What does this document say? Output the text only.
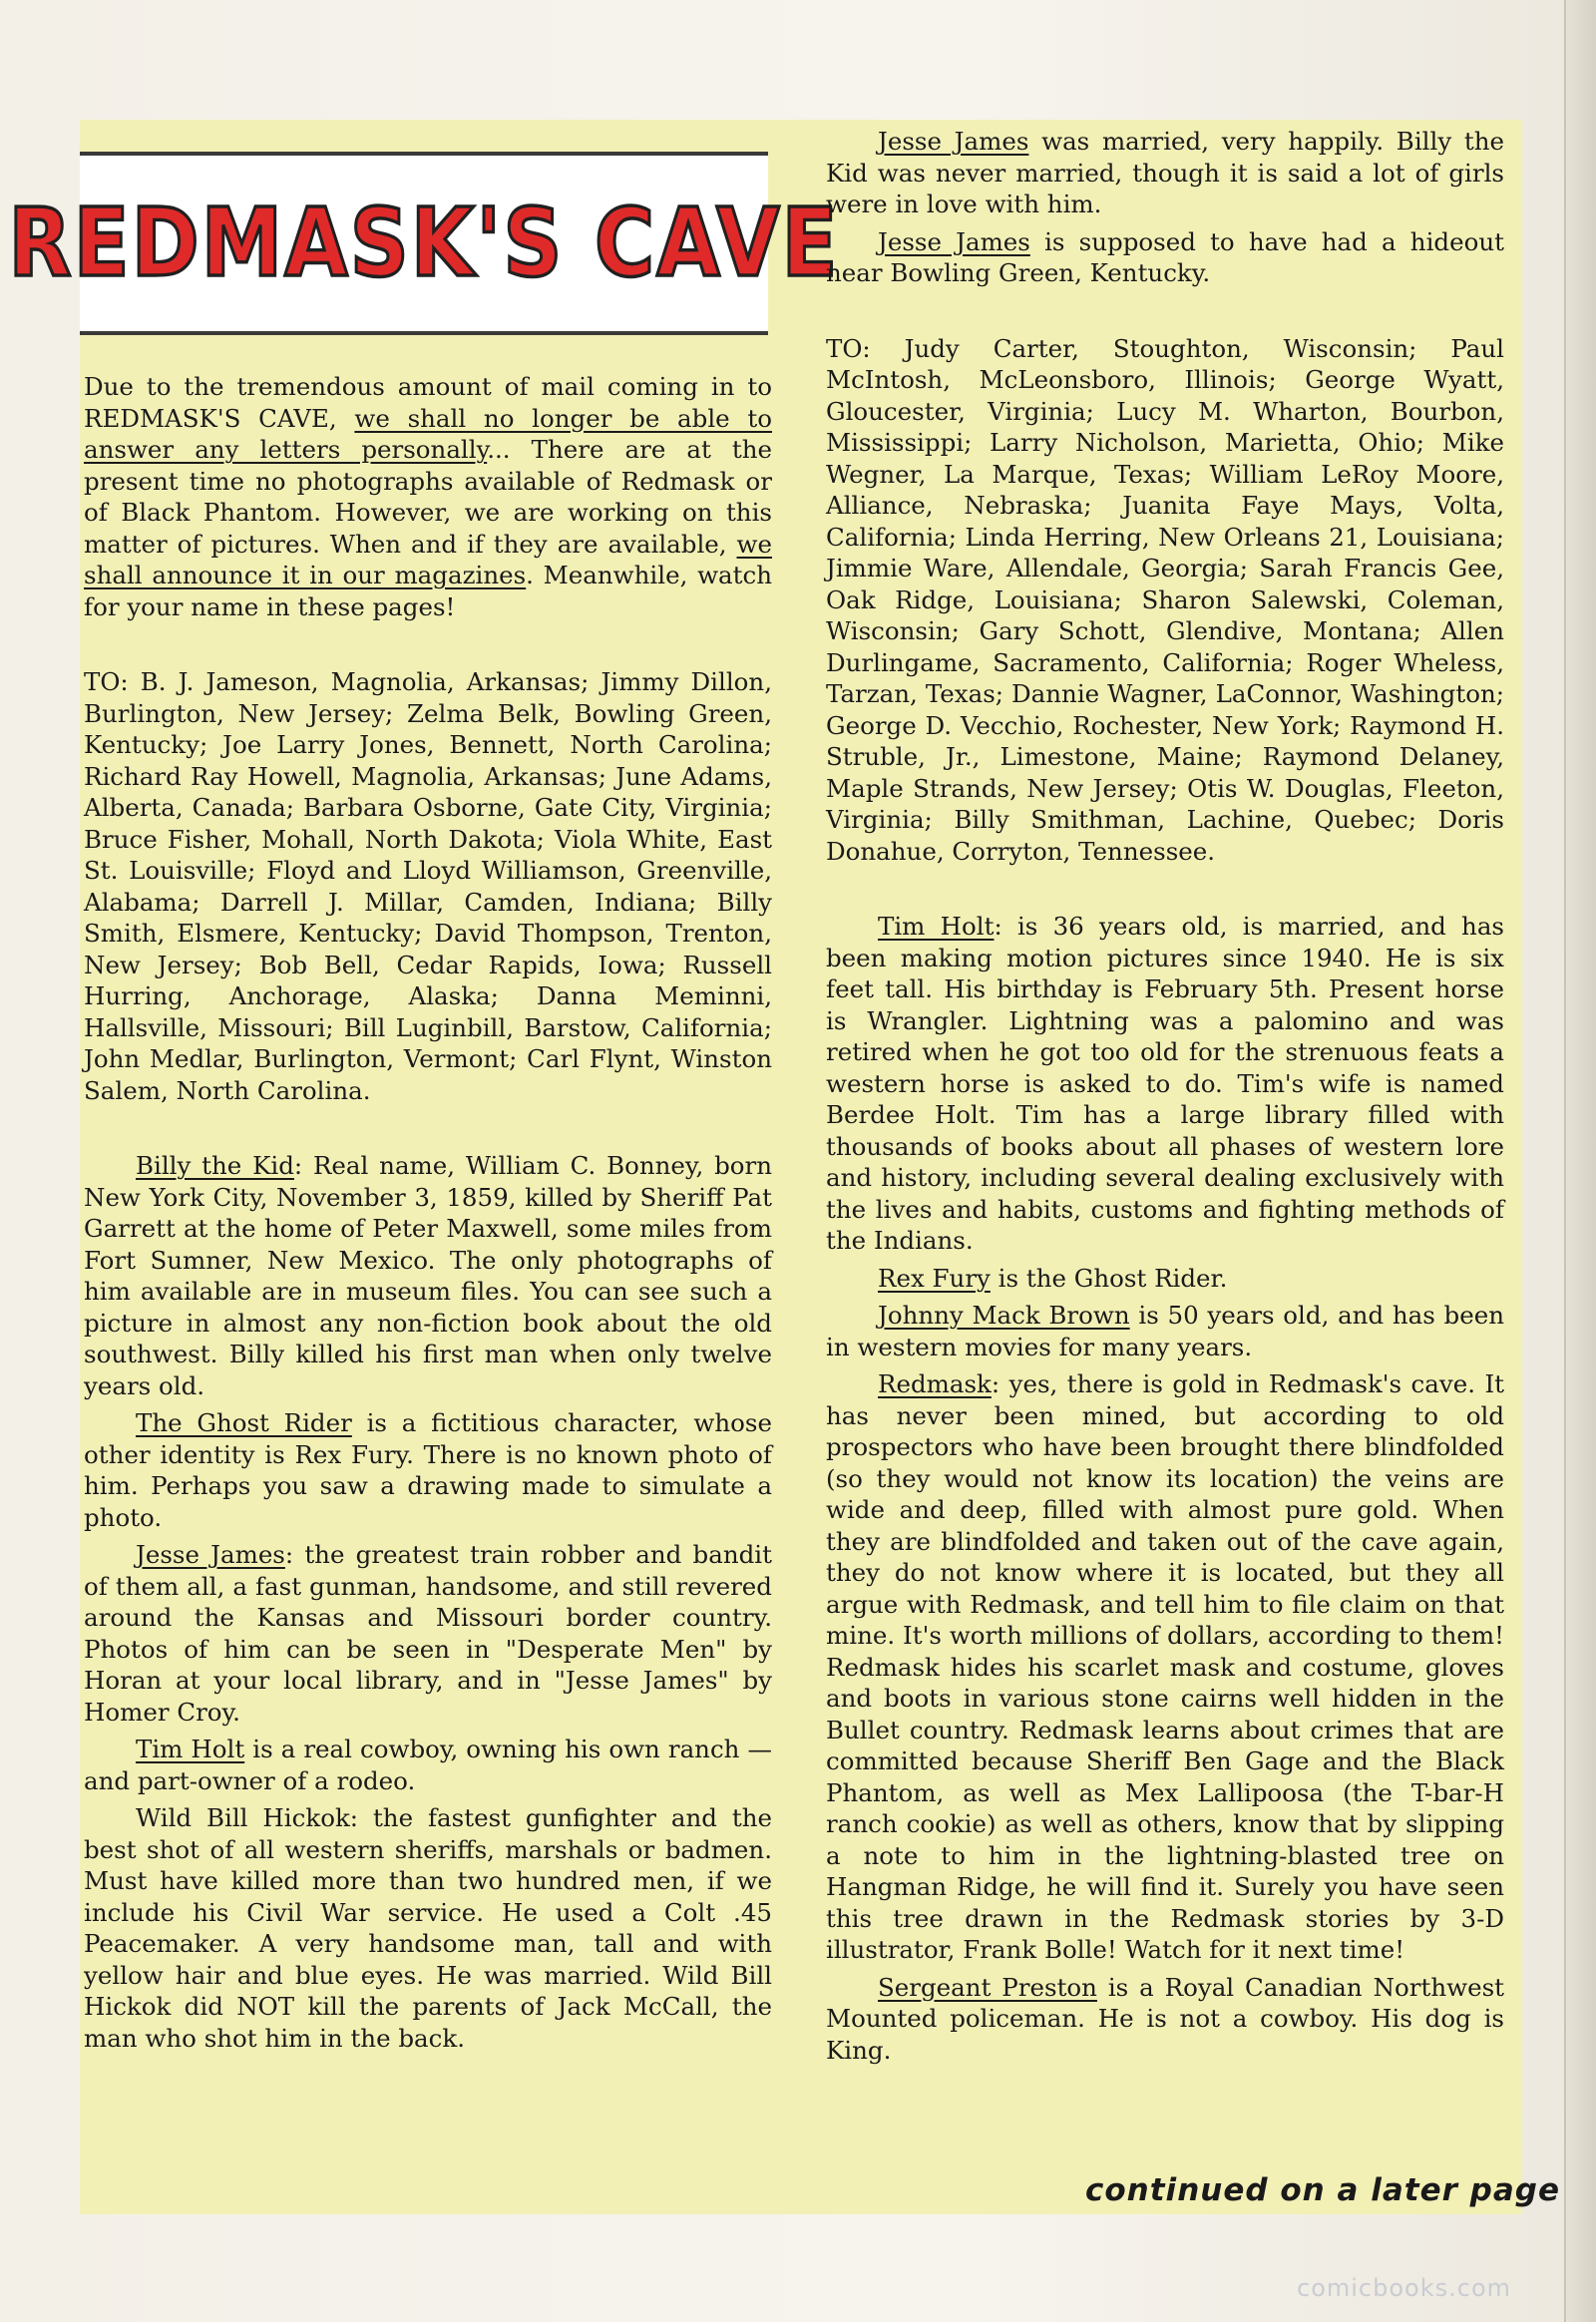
REDMASK'S CAVE

Due to the tremendous amount of mail coming in to REDMASK'S CAVE, we shall no longer be able to answer any letters personally... There are at the present time no photographs available of Redmask or of Black Phantom. However, we are working on this matter of pictures. When and if they are available, we shall announce it in our magazines. Meanwhile, watch for your name in these pages!

TO: B. J. Jameson, Magnolia, Arkansas; Jimmy Dillon, Burlington, New Jersey; Zelma Belk, Bowling Green, Kentucky; Joe Larry Jones, Bennett, North Carolina; Richard Ray Howell, Magnolia, Arkansas; June Adams, Alberta, Canada; Barbara Osborne, Gate City, Virginia; Bruce Fisher, Mohall, North Dakota; Viola White, East St. Louisville; Floyd and Lloyd Williamson, Greenville, Alabama; Darrell J. Millar, Camden, Indiana; Billy Smith, Elsmere, Kentucky; David Thompson, Trenton, New Jersey; Bob Bell, Cedar Rapids, Iowa; Russell Hurring, Anchorage, Alaska; Danna Meminni, Hallsville, Missouri; Bill Luginbill, Barstow, California; John Medlar, Burlington, Vermont; Carl Flynt, Winston Salem, North Carolina.

Billy the Kid: Real name, William C. Bonney, born New York City, November 3, 1859, killed by Sheriff Pat Garrett at the home of Peter Maxwell, some miles from Fort Sumner, New Mexico. The only photographs of him available are in museum files. You can see such a picture in almost any non-fiction book about the old southwest. Billy killed his first man when only twelve years old.

The Ghost Rider is a fictitious character, whose other identity is Rex Fury. There is no known photo of him. Perhaps you saw a drawing made to simulate a photo.

Jesse James: the greatest train robber and bandit of them all, a fast gunman, handsome, and still revered around the Kansas and Missouri border country. Photos of him can be seen in "Desperate Men" by Horan at your local library, and in "Jesse James" by Homer Croy.

Tim Holt is a real cowboy, owning his own ranch — and part-owner of a rodeo.

Wild Bill Hickok: the fastest gunfighter and the best shot of all western sheriffs, marshals or badmen. Must have killed more than two hundred men, if we include his Civil War service. He used a Colt .45 Peacemaker. A very handsome man, tall and with yellow hair and blue eyes. He was married. Wild Bill Hickok did NOT kill the parents of Jack McCall, the man who shot him in the back.

Jesse James was married, very happily. Billy the Kid was never married, though it is said a lot of girls were in love with him.

Jesse James is supposed to have had a hideout near Bowling Green, Kentucky.

TO: Judy Carter, Stoughton, Wisconsin; Paul McIntosh, McLeonsboro, Illinois; George Wyatt, Gloucester, Virginia; Lucy M. Wharton, Bourbon, Mississippi; Larry Nicholson, Marietta, Ohio; Mike Wegner, La Marque, Texas; William LeRoy Moore, Alliance, Nebraska; Juanita Faye Mays, Volta, California; Linda Herring, New Orleans 21, Louisiana; Jimmie Ware, Allendale, Georgia; Sarah Francis Gee, Oak Ridge, Louisiana; Sharon Salewski, Coleman, Wisconsin; Gary Schott, Glendive, Montana; Allen Durlingame, Sacramento, California; Roger Wheless, Tarzan, Texas; Dannie Wagner, LaConnor, Washington; George D. Vecchio, Rochester, New York; Raymond H. Struble, Jr., Limestone, Maine; Raymond Delaney, Maple Strands, New Jersey; Otis W. Douglas, Fleeton, Virginia; Billy Smithman, Lachine, Quebec; Doris Donahue, Corryton, Tennessee.

Tim Holt: is 36 years old, is married, and has been making motion pictures since 1940. He is six feet tall. His birthday is February 5th. Present horse is Wrangler. Lightning was a palomino and was retired when he got too old for the strenuous feats a western horse is asked to do. Tim's wife is named Berdee Holt. Tim has a large library filled with thousands of books about all phases of western lore and history, including several dealing exclusively with the lives and habits, customs and fighting methods of the Indians.

Rex Fury is the Ghost Rider.

Johnny Mack Brown is 50 years old, and has been in western movies for many years.

Redmask: yes, there is gold in Redmask's cave. It has never been mined, but according to old prospectors who have been brought there blindfolded (so they would not know its location) the veins are wide and deep, filled with almost pure gold. When they are blindfolded and taken out of the cave again, they do not know where it is located, but they all argue with Redmask, and tell him to file claim on that mine. It's worth millions of dollars, according to them! Redmask hides his scarlet mask and costume, gloves and boots in various stone cairns well hidden in the Bullet country. Redmask learns about crimes that are committed because Sheriff Ben Gage and the Black Phantom, as well as Mex Lallipoosa (the T-bar-H ranch cookie) as well as others, know that by slipping a note to him in the lightning-blasted tree on Hangman Ridge, he will find it. Surely you have seen this tree drawn in the Redmask stories by 3-D illustrator, Frank Bolle! Watch for it next time!

Sergeant Preston is a Royal Canadian Northwest Mounted policeman. He is not a cowboy. His dog is King.

continued on a later page
comicbooks.com
